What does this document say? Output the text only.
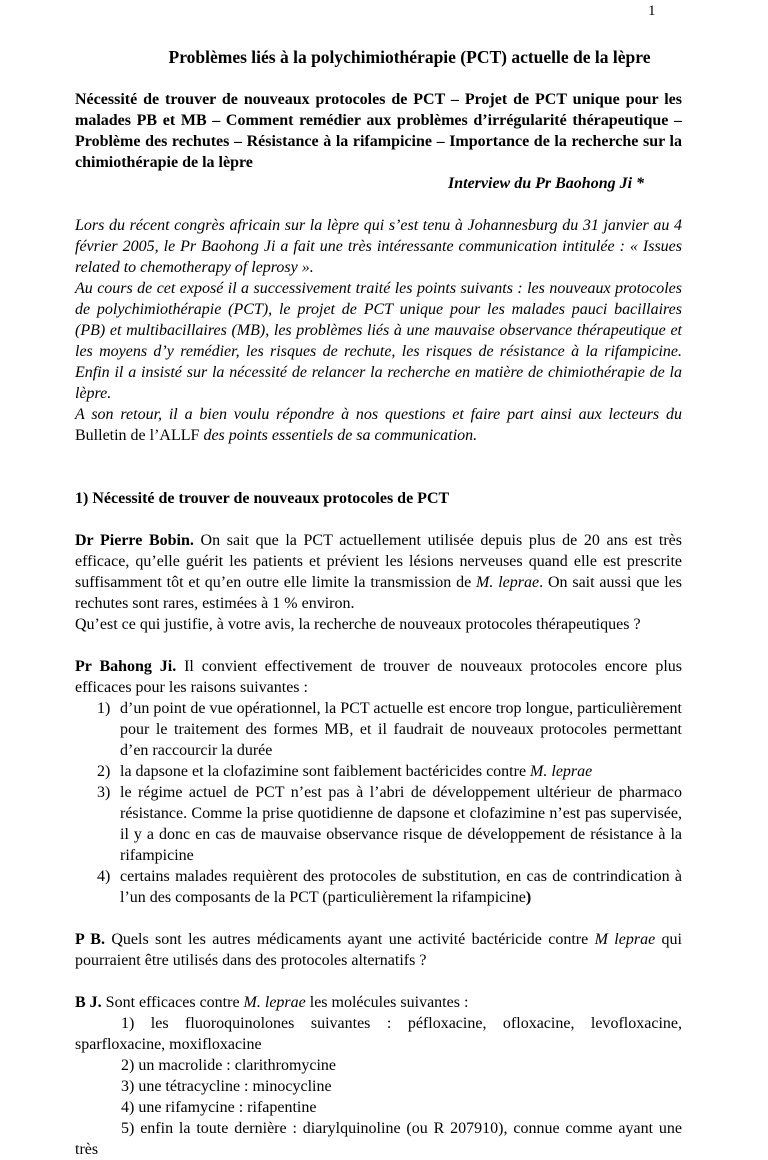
1
Problèmes liés à la polychimiothérapie (PCT) actuelle de la lèpre
Nécessité de trouver de nouveaux protocoles de PCT – Projet de PCT unique pour les malades PB et MB – Comment remédier aux problèmes d’irrégularité thérapeutique – Problème des rechutes – Résistance à la rifampicine – Importance de la recherche sur la chimiothérapie de la lèpre
Interview du Pr Baohong Ji *
Lors du récent congrès africain sur la lèpre qui s’est tenu à Johannesburg du 31 janvier au 4 février 2005, le Pr Baohong Ji a fait une très intéressante communication intitulée : « Issues related to chemotherapy of leprosy ».
Au cours de cet exposé il a successivement traité les points suivants : les nouveaux protocoles de polychimiothérapie (PCT), le projet de PCT unique pour les malades pauci bacillaires (PB) et multibacillaires (MB), les problèmes liés à une mauvaise observance thérapeutique et les moyens d’y remédier, les risques de rechute, les risques de résistance à la rifampicine. Enfin il a insisté sur la nécessité de relancer la recherche en matière de chimiothérapie de la lèpre.
A son retour, il a bien voulu répondre à nos questions et faire part ainsi aux lecteurs du Bulletin de l’ALLF des points essentiels de sa communication.
1) Nécessité de trouver de nouveaux protocoles de PCT
Dr Pierre Bobin. On sait que la PCT actuellement utilisée depuis plus de 20 ans est très efficace, qu’elle guérit les patients et prévient les lésions nerveuses quand elle est prescrite suffisamment tôt et qu’en outre elle limite la transmission de M. leprae. On sait aussi que les rechutes sont rares, estimées à 1 % environ.
Qu’est ce qui justifie, à votre avis, la recherche de nouveaux protocoles thérapeutiques ?
Pr Bahong Ji. Il convient effectivement de trouver de nouveaux protocoles encore plus efficaces pour les raisons suivantes :
1) d’un point de vue opérationnel, la PCT actuelle est encore trop longue, particulièrement pour le traitement des formes MB, et il faudrait de nouveaux protocoles permettant d’en raccourcir la durée
2) la dapsone et la clofazimine sont faiblement bactéricides contre M. leprae
3) le régime actuel de PCT n’est pas à l’abri de développement ultérieur de pharmaco résistance. Comme la prise quotidienne de dapsone et clofazimine n’est pas supervisée, il y a donc en cas de mauvaise observance risque de développement de résistance à la rifampicine
4) certains malades requièrent des protocoles de substitution, en cas de contrindication à l’un des composants de la PCT (particulièrement la rifampicine)
P B. Quels sont les autres médicaments ayant une activité bactéricide contre M leprae qui pourraient être utilisés dans des protocoles alternatifs ?
B J. Sont efficaces contre M. leprae les molécules suivantes :
1) les fluoroquinolones suivantes : péfloxacine, ofloxacine, levofloxacine, sparfloxacine, moxifloxacine
2) un macrolide : clarithromycine
3) une tétracycline : minocycline
4) une rifamycine : rifapentine
5) enfin la toute dernière : diarylquinoline (ou R 207910), connue comme ayant une très
